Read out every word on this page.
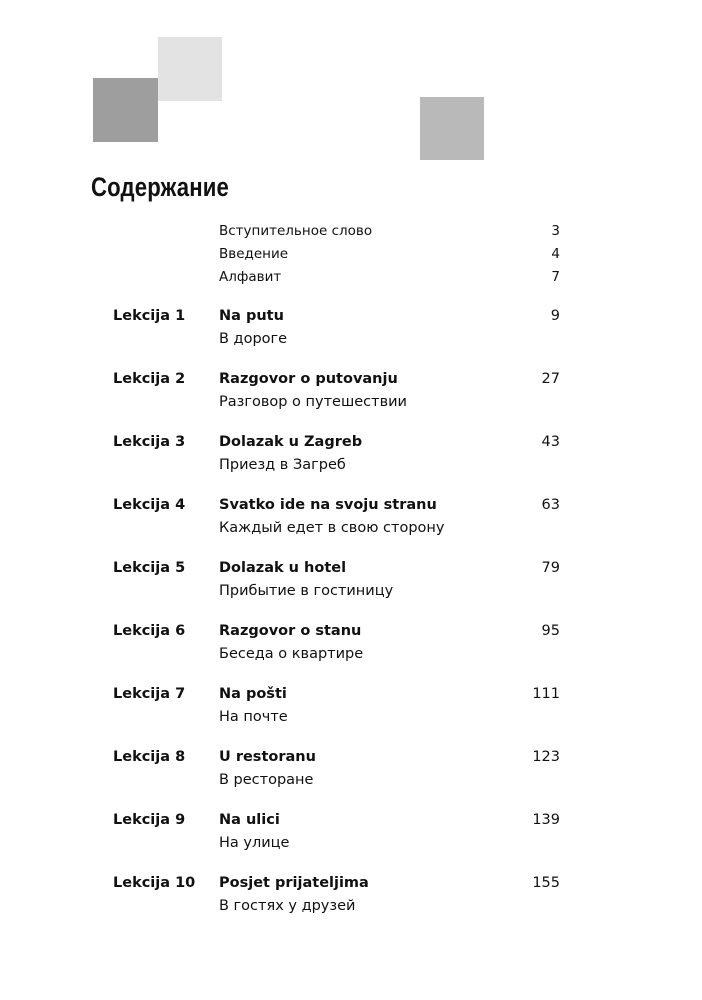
Содержание
Вступительное слово	3
Введение	4
Алфавит	7
Lekcija 1 Na putu	9
В дороге
Lekcija 2 Razgovor o putovanju	27
Разговор о путешествии
Lekcija 3 Dolazak u Zagreb	43
Приезд в Загреб
Lekcija 4 Svatko ide na svoju stranu	63
Каждый едет в свою сторону
Lekcija 5 Dolazak u hotel	79
Прибытие в гостиницу
Lekcija 6 Razgovor o stanu	95
Беседа о квартире
Lekcija 7 Na pošti	111
На почте
Lekcija 8 U restoranu	123
В ресторане
Lekcija 9 Na ulici	139
На улице
Lekcija 10 Posjet prijateljima	155
В гостях у друзей
